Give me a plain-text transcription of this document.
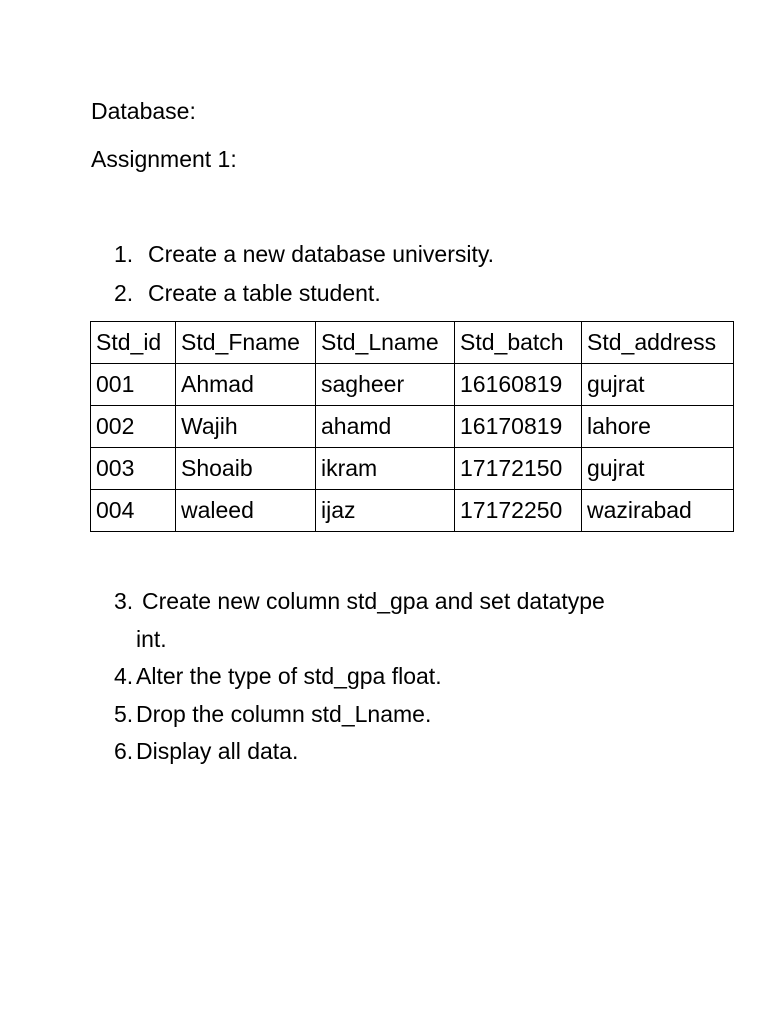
Database:
Assignment 1:
1. Create a new database university.
2. Create a table student.
Std_id	Std_Fname	Std_Lname	Std_batch	Std_address
001	Ahmad	sagheer	16160819	gujrat
002	Wajih	ahamd	16170819	lahore
003	Shoaib	ikram	17172150	gujrat
004	waleed	ijaz	17172250	wazirabad
3. Create new column std_gpa and set datatype
int.
4. Alter the type of std_gpa float.
5. Drop the column std_Lname.
6. Display all data.
